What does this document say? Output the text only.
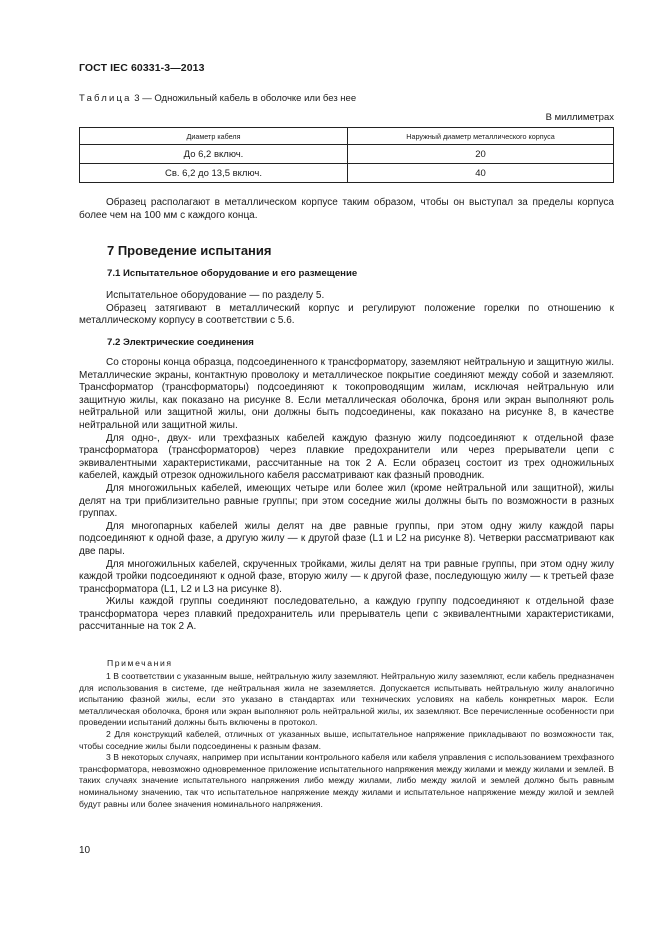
ГОСТ IEC 60331-3—2013
Таблица 3 — Одножильный кабель в оболочке или без нее
В миллиметрах
Диаметр кабеля	Наружный диаметр металлического корпуса
До 6,2 включ.	20
Св. 6,2 до 13,5 включ.	40

Образец располагают в металлическом корпусе таким образом, чтобы он выступал за пределы корпуса более чем на 100 мм с каждого конца.

7 Проведение испытания
7.1 Испытательное оборудование и его размещение

Испытательное оборудование — по разделу 5.

Образец затягивают в металлический корпус и регулируют положение горелки по отношению к металлическому корпусу в соответствии с 5.6.

7.2 Электрические соединения

Со стороны конца образца, подсоединенного к трансформатору, заземляют нейтральную и защитную жилы. Металлические экраны, контактную проволоку и металлическое покрытие соединяют между собой и заземляют. Трансформатор (трансформаторы) подсоединяют к токопроводящим жилам, исключая нейтральную или защитную жилы, как показано на рисунке 8. Если металлическая оболочка, броня или экран выполняют роль нейтральной или защитной жилы, они должны быть подсоединены, как показано на рисунке 8, в качестве нейтральной или защитной жилы.

Для одно-, двух- или трехфазных кабелей каждую фазную жилу подсоединяют к отдельной фазе трансформатора (трансформаторов) через плавкие предохранители или через прерыватели цепи с эквивалентными характеристиками, рассчитанные на ток 2 А. Если образец состоит из трех одножильных кабелей, каждый отрезок одножильного кабеля рассматривают как фазный проводник.

Для многожильных кабелей, имеющих четыре или более жил (кроме нейтральной или защитной), жилы делят на три приблизительно равные группы; при этом соседние жилы должны быть по возможности в разных группах.

Для многопарных кабелей жилы делят на две равные группы, при этом одну жилу каждой пары подсоединяют к одной фазе, а другую жилу — к другой фазе (L1 и L2 на рисунке 8). Четверки рассматривают как две пары.

Для многожильных кабелей, скрученных тройками, жилы делят на три равные группы, при этом одну жилу каждой тройки подсоединяют к одной фазе, вторую жилу — к другой фазе, последующую жилу — к третьей фазе трансформатора (L1, L2 и L3 на рисунке 8).

Жилы каждой группы соединяют последовательно, а каждую группу подсоединяют к отдельной фазе трансформатора через плавкий предохранитель или прерыватель цепи с эквивалентными характеристиками, рассчитанные на ток 2 А.

Примечания

1 В соответствии с указанным выше, нейтральную жилу заземляют. Нейтральную жилу заземляют, если кабель предназначен для использования в системе, где нейтральная жила не заземляется. Допускается испытывать нейтральную жилу аналогично испытанию фазной жилы, если это указано в стандартах или технических условиях на кабель конкретных марок. Если металлическая оболочка, броня или экран выполняют роль нейтральной жилы, их заземляют. Все перечисленные особенности при проведении испытаний должны быть включены в протокол.

2 Для конструкций кабелей, отличных от указанных выше, испытательное напряжение прикладывают по возможности так, чтобы соседние жилы были подсоединены к разным фазам.

3 В некоторых случаях, например при испытании контрольного кабеля или кабеля управления с использованием трехфазного трансформатора, невозможно одновременное приложение испытательного напряжения между жилами и между жилами и землей. В таких случаях значение испытательного напряжения либо между жилами, либо между жилой и землей должно быть равным номинальному значению, так что испытательное напряжение между жилами и испытательное напряжение между жилой и землей будут равны или более значения номинального напряжения.

10
